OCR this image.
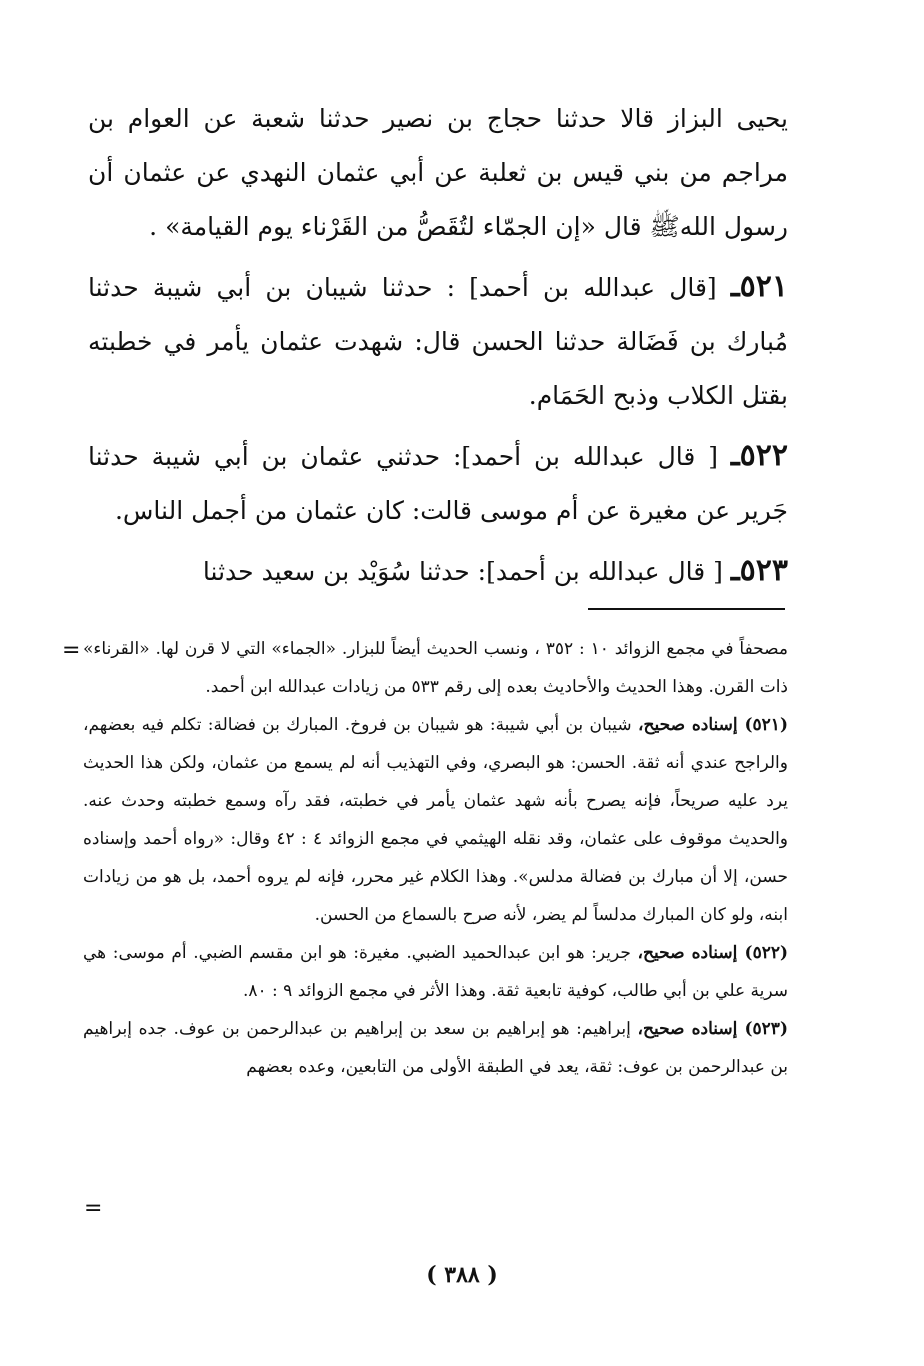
يحيى البزاز قالا حدثنا حجاج بن نصير حدثنا شعبة عن العوام بن مراجم من بني قيس بن ثعلبة عن أبي عثمان النهدي عن عثمان أن رسول اللهﷺ قال «إن الجمّاء لتُقَصُّ من القَرْناء يوم القيامة» .

٥٢١ـ [قال عبدالله بن أحمد] : حدثنا شيبان بن أبي شيبة حدثنا مُبارك بن فَضَالة حدثنا الحسن قال: شهدت عثمان يأمر في خطبته بقتل الكلاب وذبح الحَمَام.

٥٢٢ـ [ قال عبدالله بن أحمد]: حدثني عثمان بن أبي شيبة حدثنا جَرير عن مغيرة عن أم موسى قالت: كان عثمان من أجمل الناس.

٥٢٣ـ [ قال عبدالله بن أحمد]: حدثنا سُوَيْد بن سعيد حدثنا

= مصحفاً في مجمع الزوائد ١٠ : ٣٥٢ ، ونسب الحديث أيضاً للبزار. «الجماء» التي لا قرن لها. «القرناء» ذات القرن. وهذا الحديث والأحاديث بعده إلى رقم ٥٣٣ من زيادات عبدالله ابن أحمد.

(٥٢١) إسناده صحيح، شيبان بن أبي شيبة: هو شيبان بن فروخ. المبارك بن فضالة: تكلم فيه بعضهم، والراجح عندي أنه ثقة. الحسن: هو البصري، وفي التهذيب أنه لم يسمع من عثمان، ولكن هذا الحديث يرد عليه صريحاً، فإنه يصرح بأنه شهد عثمان يأمر في خطبته، فقد رآه وسمع خطبته وحدث عنه. والحديث موقوف على عثمان، وقد نقله الهيثمي في مجمع الزوائد ٤ : ٤٢ وقال: «رواه أحمد وإسناده حسن، إلا أن مبارك بن فضالة مدلس». وهذا الكلام غير محرر، فإنه لم يروه أحمد، بل هو من زيادات ابنه، ولو كان المبارك مدلساً لم يضر، لأنه صرح بالسماع من الحسن.

(٥٢٢) إسناده صحيح، جرير: هو ابن عبدالحميد الضبي. مغيرة: هو ابن مقسم الضبي. أم موسى: هي سرية علي بن أبي طالب، كوفية تابعية ثقة. وهذا الأثر في مجمع الزوائد ٩ : ٨٠.

(٥٢٣) إسناده صحيح، إبراهيم: هو إبراهيم بن سعد بن إبراهيم بن عبدالرحمن بن عوف. جده إبراهيم بن عبدالرحمن بن عوف: ثقة، يعد في الطبقة الأولى من التابعين، وعده بعضهم

=
( ٣٨٨ )
